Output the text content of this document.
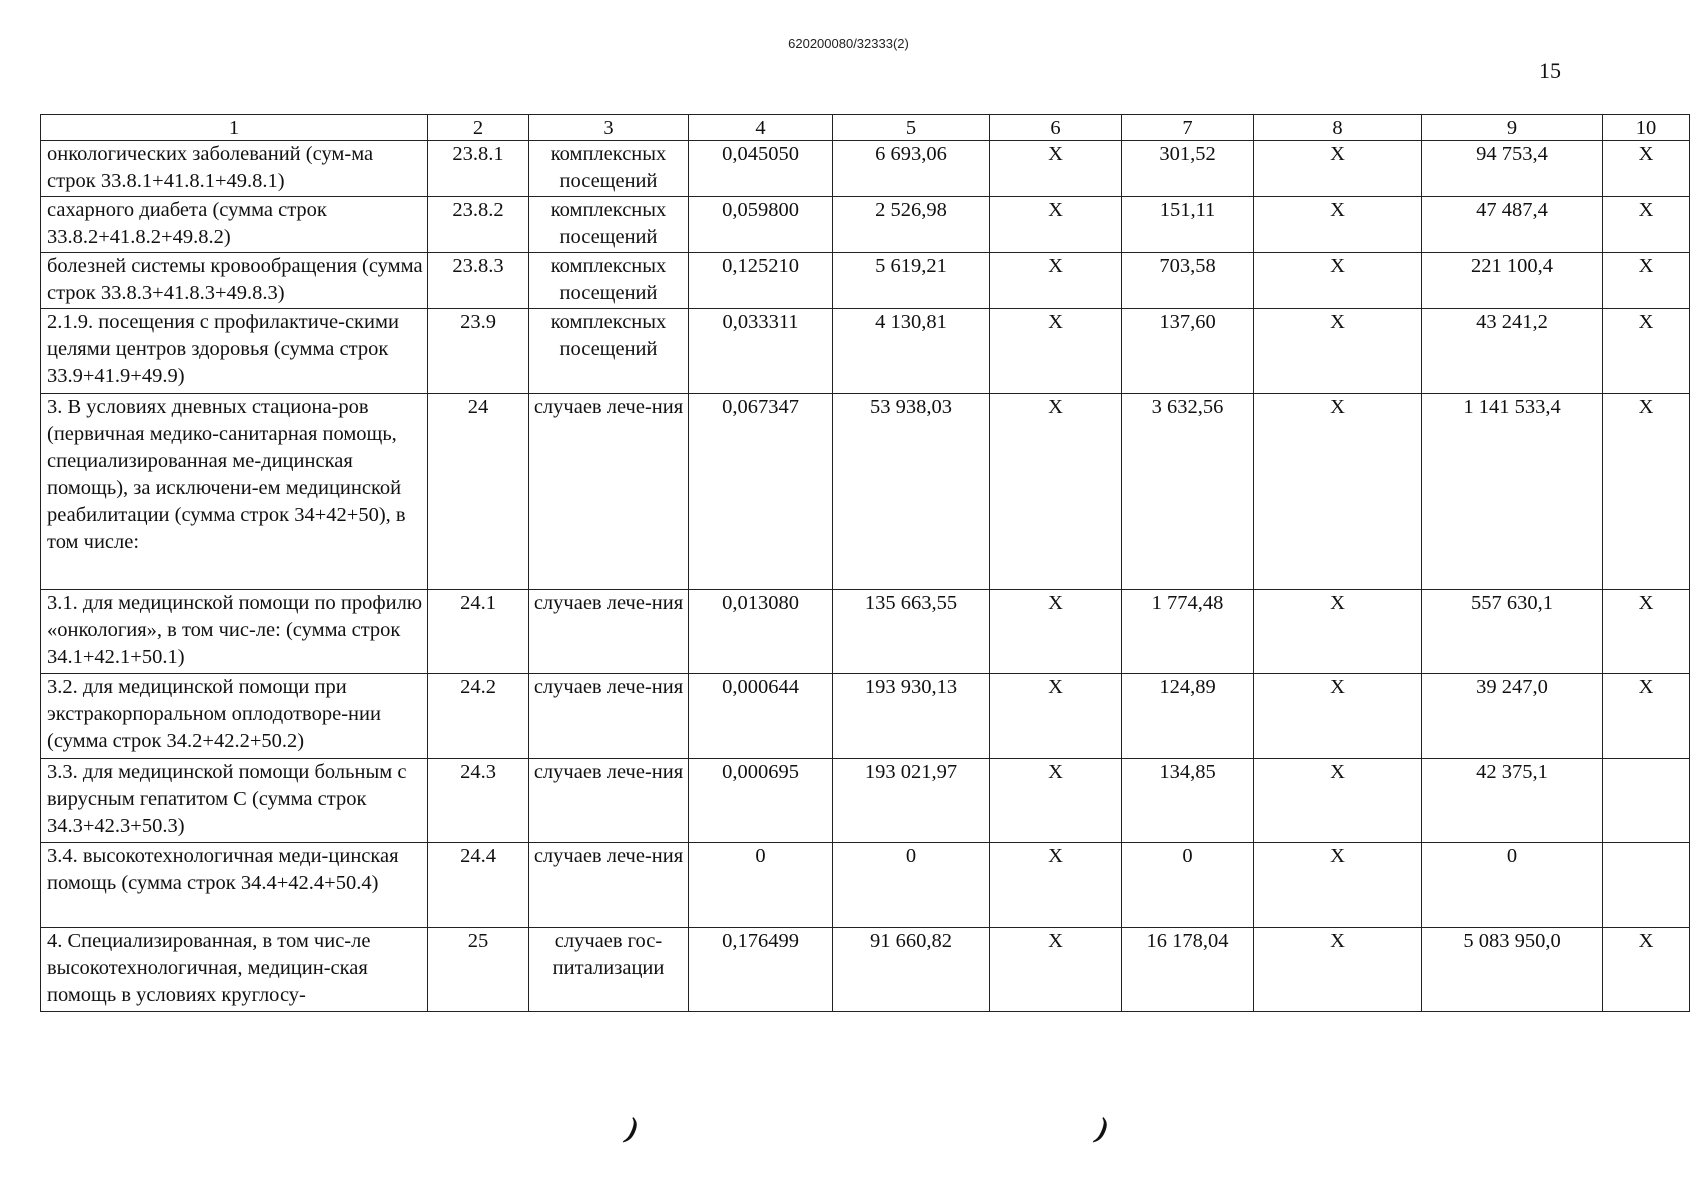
620200080/32333(2)
15
1	2	3	4	5	6	7	8	9	10
онкологических заболеваний (сум-ма строк 33.8.1+41.8.1+49.8.1)	23.8.1	комплексных посещений	0,045050	6 693,06	X	301,52	X	94 753,4	X
сахарного диабета (сумма строк 33.8.2+41.8.2+49.8.2)	23.8.2	комплексных посещений	0,059800	2 526,98	X	151,11	X	47 487,4	X
болезней системы кровообращения (сумма строк 33.8.3+41.8.3+49.8.3)	23.8.3	комплексных посещений	0,125210	5 619,21	X	703,58	X	221 100,4	X
2.1.9. посещения с профилактиче-скими целями центров здоровья (сумма строк 33.9+41.9+49.9)	23.9	комплексных посещений	0,033311	4 130,81	X	137,60	X	43 241,2	X
3. В условиях дневных стациона-ров (первичная медико-санитарная помощь, специализированная ме-дицинская помощь), за исключени-ем медицинской реабилитации (сумма строк 34+42+50), в том числе:	24	случаев лече-ния	0,067347	53 938,03	X	3 632,56	X	1 141 533,4	X
3.1. для медицинской помощи по профилю «онкология», в том чис-ле: (сумма строк 34.1+42.1+50.1)	24.1	случаев лече-ния	0,013080	135 663,55	X	1 774,48	X	557 630,1	X
3.2. для медицинской помощи при экстракорпоральном оплодотворе-нии (сумма строк 34.2+42.2+50.2)	24.2	случаев лече-ния	0,000644	193 930,13	X	124,89	X	39 247,0	X
3.3. для медицинской помощи больным с вирусным гепатитом С (сумма строк 34.3+42.3+50.3)	24.3	случаев лече-ния	0,000695	193 021,97	X	134,85	X	42 375,1	
3.4. высокотехнологичная меди-цинская помощь (сумма строк 34.4+42.4+50.4)	24.4	случаев лече-ния	0	0	X	0	X	0	
4. Специализированная, в том чис-ле высокотехнологичная, медицин-ская помощь в условиях круглосу-	25	случаев гос-питализации	0,176499	91 660,82	X	16 178,04	X	5 083 950,0	X
)	)
